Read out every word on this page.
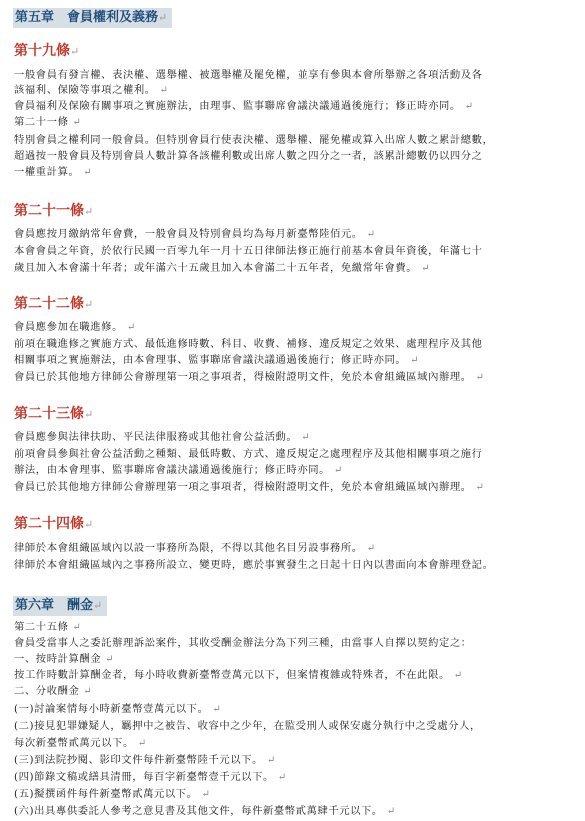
第五章　會員權利及義務↵
第十九條↵
一般會員有發言權、表決權、選舉權、被選舉權及罷免權，並享有參與本會所舉辦之各項活動及各
該福利、保險等事項之權利。 ↵
會員福利及保險有關事項之實施辦法，由理事、監事聯席會議決議通過後施行；修正時亦同。 ↵
第二十一條 ↵
特別會員之權利同一般會員。但特別會員行使表決權、選舉權、罷免權或算入出席人數之累計總數，
超過按一般會員及特別會員人數計算各該權利數或出席人數之四分之一者，該累計總數仍以四分之
一權重計算。 ↵
第二十一條↵
會員應按月繳納常年會費，一般會員及特別會員均為每月新臺幣陸佰元。 ↵
本會會員之年資，於依行民國一百零九年一月十五日律師法修正施行前基本會員年資後，年滿七十
歲且加入本會滿十年者；或年滿六十五歲且加入本會滿二十五年者，免繳常年會費。 ↵
第二十二條↵
會員應參加在職進修。 ↵
前項在職進修之實施方式、最低進修時數、科目、收費、補修、違反規定之效果、處理程序及其他
相關事項之實施辦法，由本會理事、監事聯席會議決議通過後施行；修正時亦同。 ↵
會員已於其他地方律師公會辦理第一項之事項者，得檢附證明文件，免於本會組織區域內辦理。 ↵
第二十三條↵
會員應參與法律扶助、平民法律服務或其他社會公益活動。 ↵
前項會員參與社會公益活動之種類、最低時數、方式、違反規定之處理程序及其他相關事項之施行
辦法，由本會理事、監事聯席會議決議通過後施行；修正時亦同。 ↵
會員已於其他地方律師公會辦理第一項之事項者，得檢附證明文件，免於本會組織區域內辦理。 ↵
第二十四條↵
律師於本會組織區域內以設一事務所為限，不得以其他名目另設事務所。 ↵
律師於本會組織區域內之事務所設立、變更時，應於事實發生之日起十日內以書面向本會辦理登記。
第六章　酬金↵
第二十五條 ↵
會員受當事人之委託辦理訴訟案件，其收受酬金辦法分為下列三種，由當事人自擇以契約定之：
一、按時計算酬金 ↵
按工作時數計算酬金者，每小時收費新臺幣壹萬元以下，但案情複雜或特殊者，不在此限。 ↵
二、分收酬金 ↵
(一)討論案情每小時新臺幣壹萬元以下。 ↵
(二)接見犯罪嫌疑人，羈押中之被告、收容中之少年，在監受刑人或保安處分執行中之受處分人，
每次新臺幣貳萬元以下。 ↵
(三)到法院抄閱、影印文件每件新臺幣陸千元以下。 ↵
(四)節錄文稿或繕具清冊，每百字新臺幣壹千元以下。 ↵
(五)擬撰函件每件新臺幣貳萬元以下。 ↵
(六)出具專供委託人參考之意見書及其他文件，每件新臺幣貳萬肆千元以下。 ↵
